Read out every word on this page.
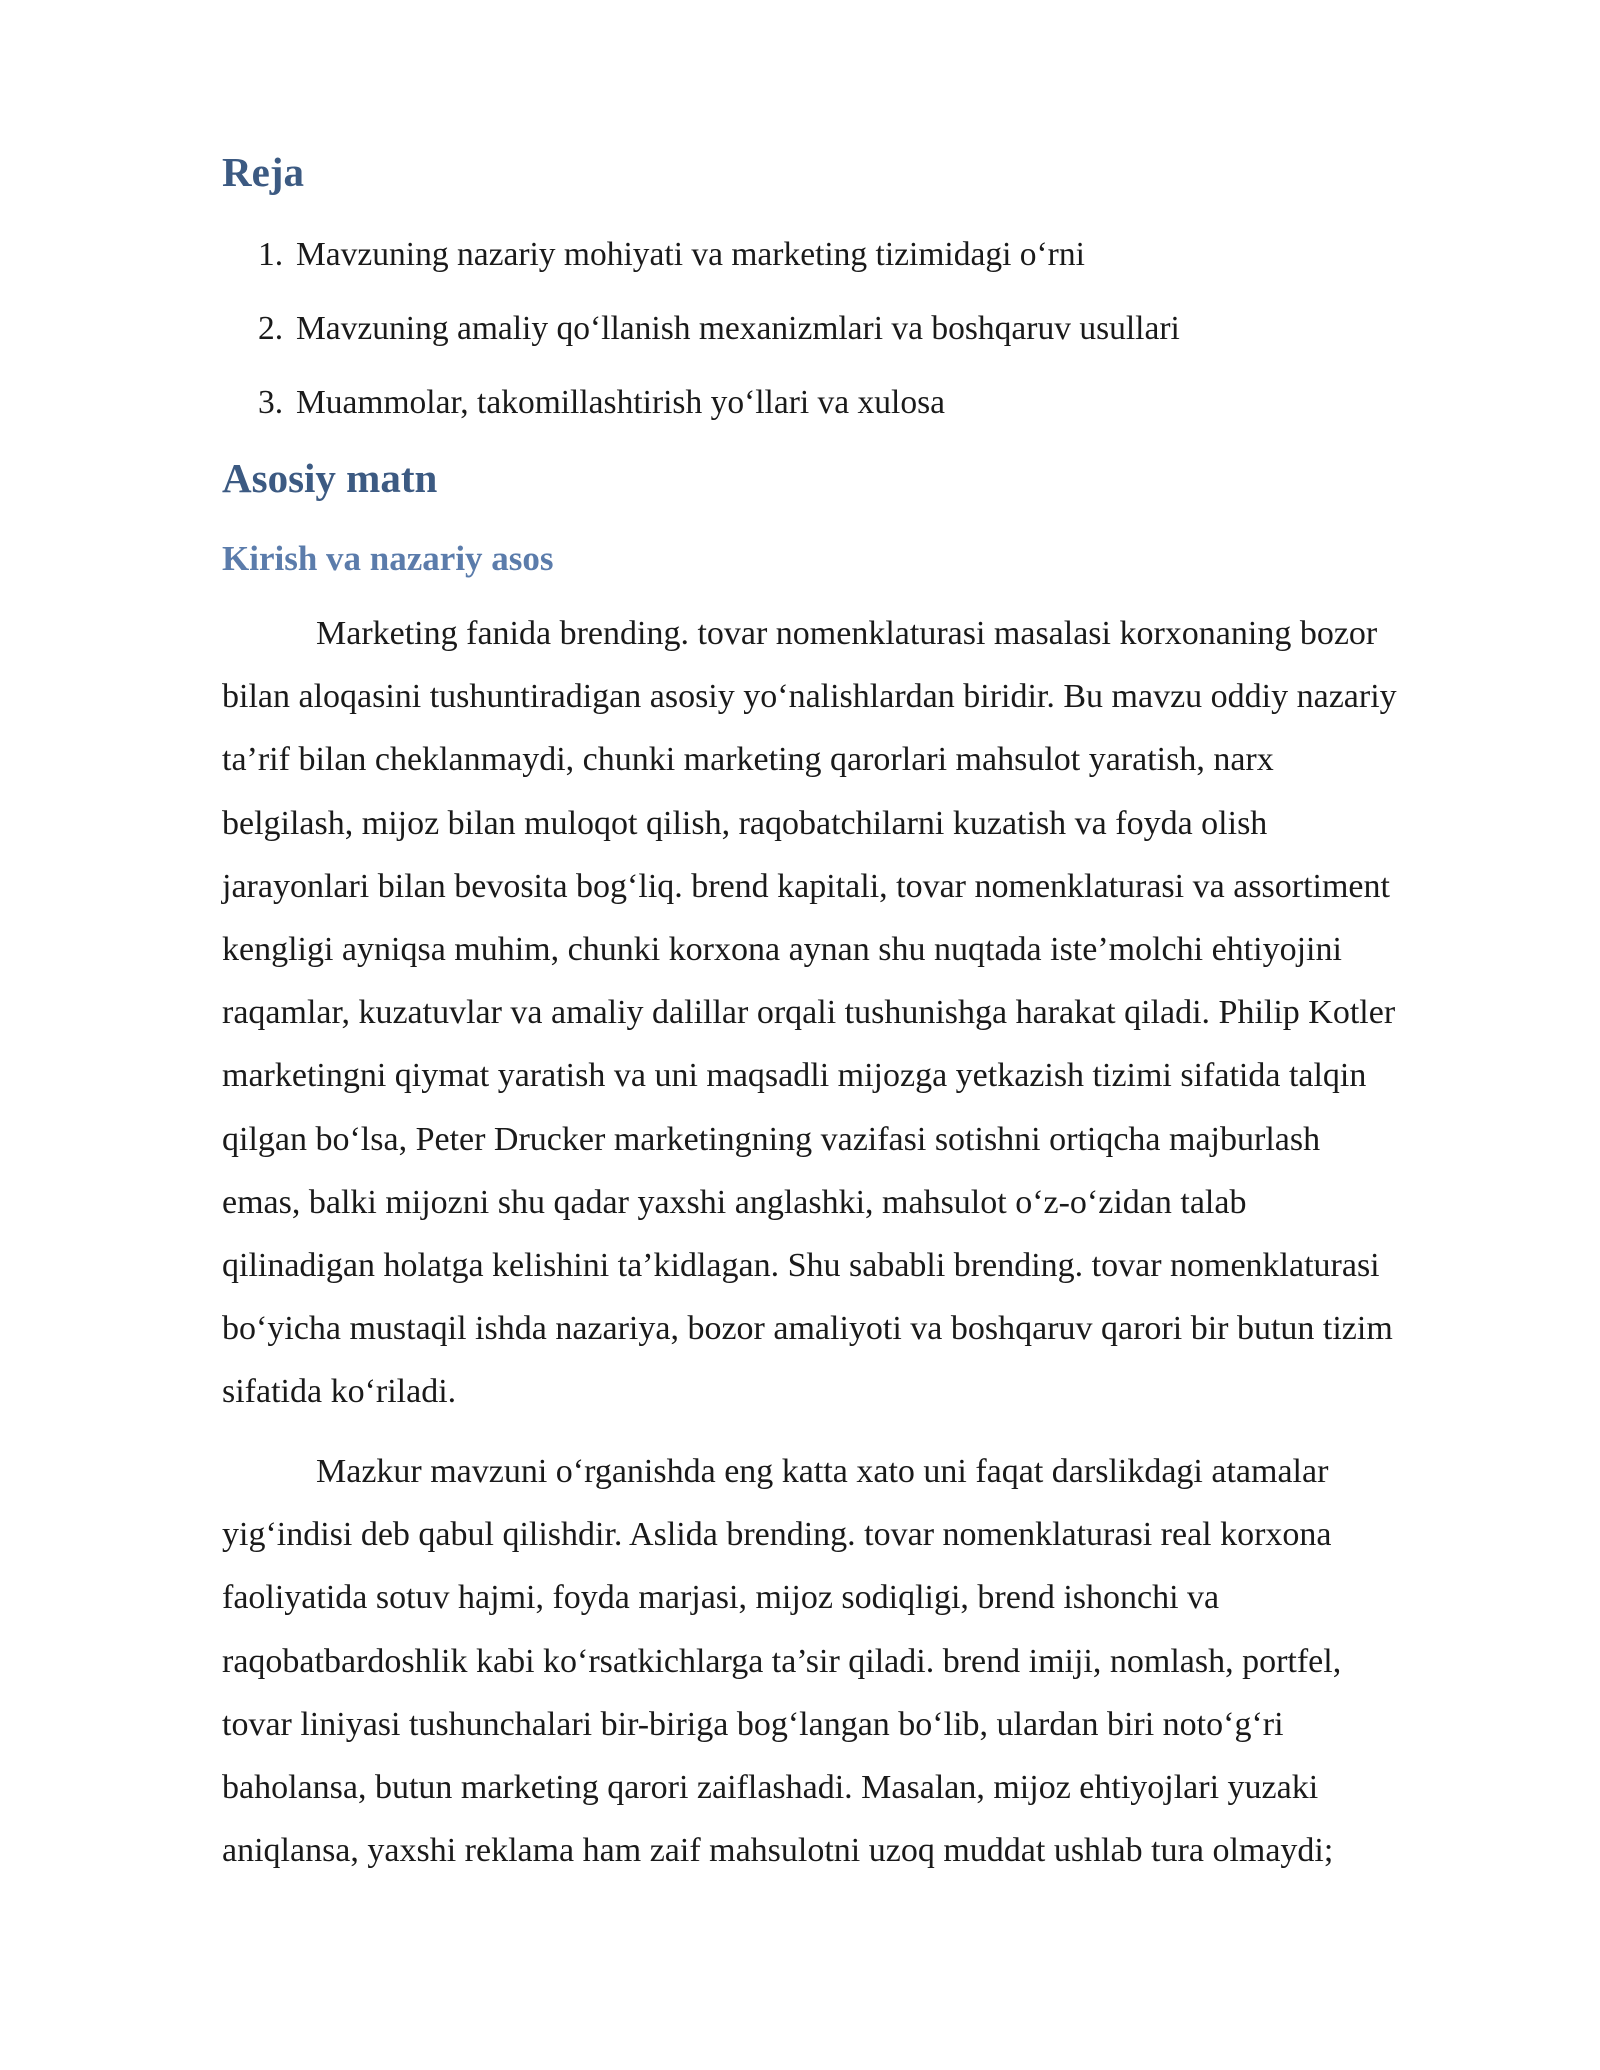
Reja
1. Mavzuning nazariy mohiyati va marketing tizimidagi o‘rni
2. Mavzuning amaliy qo‘llanish mexanizmlari va boshqaruv usullari
3. Muammolar, takomillashtirish yo‘llari va xulosa
Asosiy matn
Kirish va nazariy asos
Marketing fanida brending. tovar nomenklaturasi masalasi korxonaning bozor
bilan aloqasini tushuntiradigan asosiy yo‘nalishlardan biridir. Bu mavzu oddiy nazariy
ta’rif bilan cheklanmaydi, chunki marketing qarorlari mahsulot yaratish, narx
belgilash, mijoz bilan muloqot qilish, raqobatchilarni kuzatish va foyda olish
jarayonlari bilan bevosita bog‘liq. brend kapitali, tovar nomenklaturasi va assortiment
kengligi ayniqsa muhim, chunki korxona aynan shu nuqtada iste’molchi ehtiyojini
raqamlar, kuzatuvlar va amaliy dalillar orqali tushunishga harakat qiladi. Philip Kotler
marketingni qiymat yaratish va uni maqsadli mijozga yetkazish tizimi sifatida talqin
qilgan bo‘lsa, Peter Drucker marketingning vazifasi sotishni ortiqcha majburlash
emas, balki mijozni shu qadar yaxshi anglashki, mahsulot o‘z-o‘zidan talab
qilinadigan holatga kelishini ta’kidlagan. Shu sababli brending. tovar nomenklaturasi
bo‘yicha mustaqil ishda nazariya, bozor amaliyoti va boshqaruv qarori bir butun tizim
sifatida ko‘riladi.
Mazkur mavzuni o‘rganishda eng katta xato uni faqat darslikdagi atamalar
yig‘indisi deb qabul qilishdir. Aslida brending. tovar nomenklaturasi real korxona
faoliyatida sotuv hajmi, foyda marjasi, mijoz sodiqligi, brend ishonchi va
raqobatbardoshlik kabi ko‘rsatkichlarga ta’sir qiladi. brend imiji, nomlash, portfel,
tovar liniyasi tushunchalari bir-biriga bog‘langan bo‘lib, ulardan biri noto‘g‘ri
baholansa, butun marketing qarori zaiflashadi. Masalan, mijoz ehtiyojlari yuzaki
aniqlansa, yaxshi reklama ham zaif mahsulotni uzoq muddat ushlab tura olmaydi;
